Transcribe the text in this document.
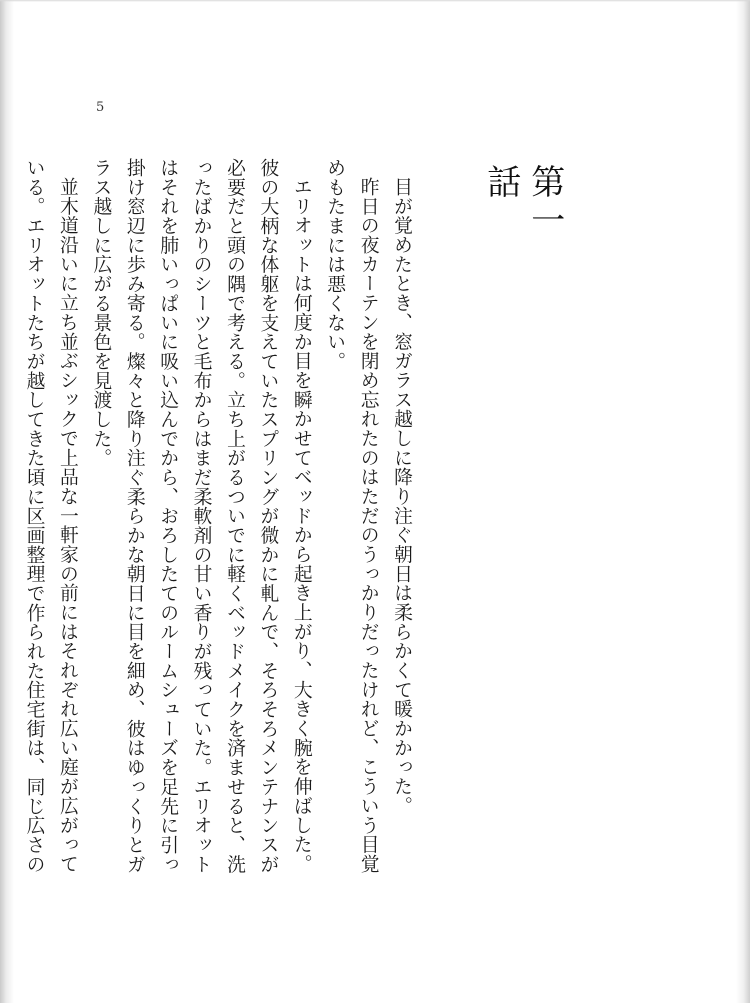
5
第一話

目が覚めたとき、窓ガラス越しに降り注ぐ朝日は柔らかくて暖かかった。

昨日の夜カーテンを閉め忘れたのはただのうっかりだったけれど、こういう目覚

めもたまには悪くない。

エリオットは何度か目を瞬かせてベッドから起き上がり、大きく腕を伸ばした。

彼の大柄な体躯を支えていたスプリングが微かに軋んで、そろそろメンテナンスが

必要だと頭の隅で考える。立ち上がるついでに軽くベッドメイクを済ませると、洗

ったばかりのシーツと毛布からはまだ柔軟剤の甘い香りが残っていた。エリオット

はそれを肺いっぱいに吸い込んでから、おろしたてのルームシューズを足先に引っ

掛け窓辺に歩み寄る。燦々と降り注ぐ柔らかな朝日に目を細め、彼はゆっくりとガ

ラス越しに広がる景色を見渡した。

並木道沿いに立ち並ぶシックで上品な一軒家の前にはそれぞれ広い庭が広がって

いる。エリオットたちが越してきた頃に区画整理で作られた住宅街は、同じ広さの
